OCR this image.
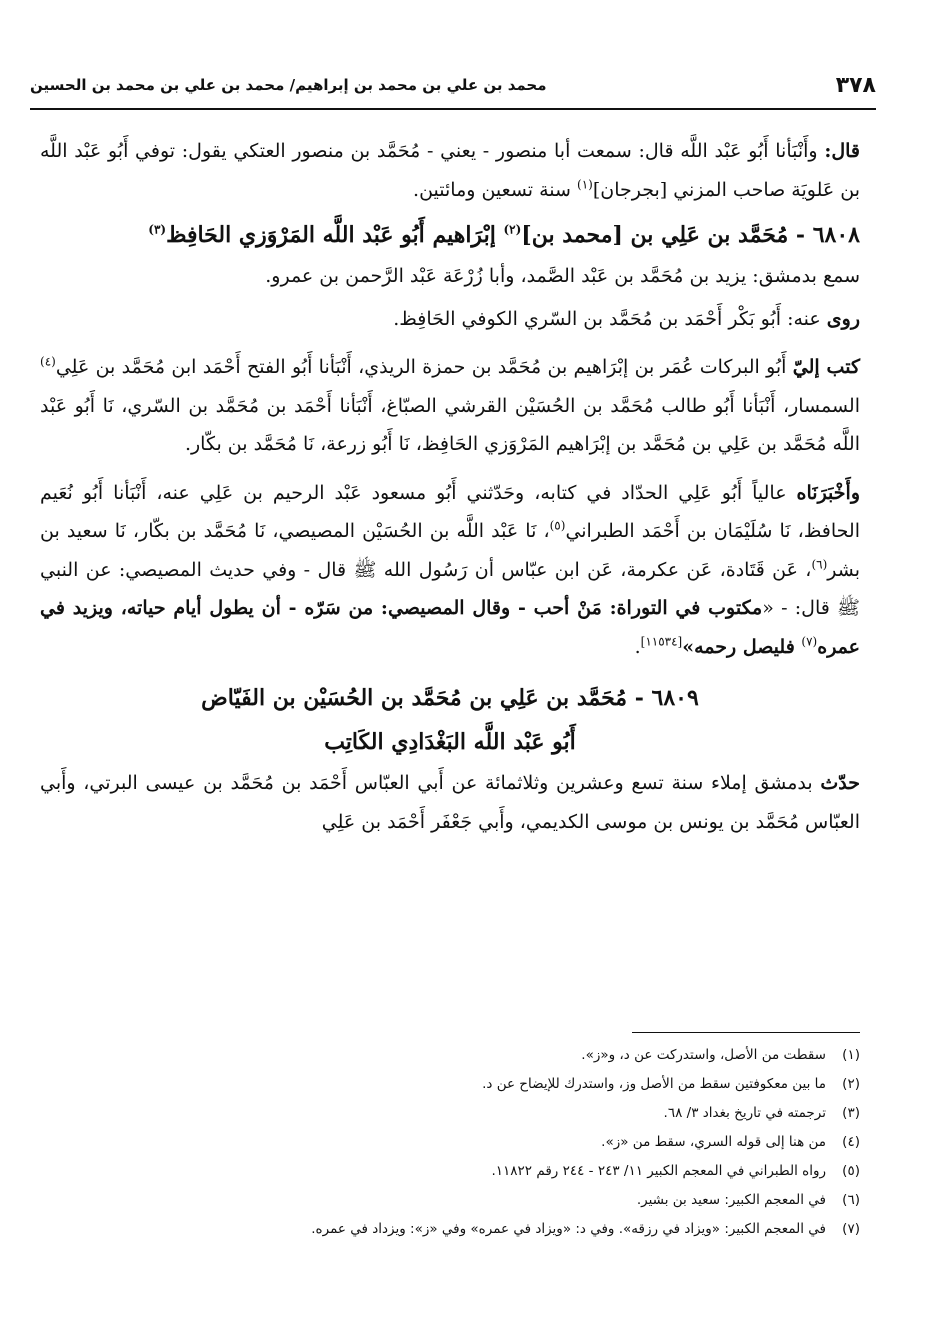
٣٧٨
محمد بن علي بن محمد بن إبراهيم/ محمد بن علي بن محمد بن الحسين

قال: وأَنْبَأنا أَبُو عَبْد اللَّه قال: سمعت أبا منصور - يعني - مُحَمَّد بن منصور العتكي يقول: توفي أَبُو عَبْد اللَّه بن عَلويَة صاحب المزني [بجرجان]$^{(١)}$ سنة تسعين ومائتين.

٦٨٠٨ - مُحَمَّد بن عَلِي بن [محمد بن]$^{(٢)}$ إبْرَاهيم أَبُو عَبْد اللَّه المَرْوَزي الحَافِظ$^{(٣)}$

سمع بدمشق: يزيد بن مُحَمَّد بن عَبْد الصَّمد، وأبا زُرْعَة عَبْد الرَّحمن بن عمرو.

روى عنه: أَبُو بَكْر أَحْمَد بن مُحَمَّد بن السّري الكوفي الحَافِظ.

كتب إليّ أَبُو البركات عُمَر بن إبْرَاهيم بن مُحَمَّد بن حمزة الريذي، أَنْبَأنا أَبُو الفتح أَحْمَد ابن مُحَمَّد بن عَلِي$^{(٤)}$ السمسار، أَنْبَأنا أَبُو طالب مُحَمَّد بن الحُسَيْن القرشي الصبّاغ، أَنْبَأنا أَحْمَد بن مُحَمَّد بن السّري، نَا أَبُو عَبْد اللَّه مُحَمَّد بن عَلِي بن مُحَمَّد بن إبْرَاهيم المَرْوَزي الحَافِظ، نَا أَبُو زرعة، نَا مُحَمَّد بن بكّار.

وأَخْبَرَنَاه عالياً أَبُو عَلِي الحدّاد في كتابه، وحَدّثني أَبُو مسعود عَبْد الرحيم بن عَلِي عنه، أَنْبَأنا أَبُو نُعَيم الحافظ، نَا سُلَيْمَان بن أَحْمَد الطبراني$^{(٥)}$، نَا عَبْد اللَّه بن الحُسَيْن المصيصي، نَا مُحَمَّد بن بكّار، نَا سعيد بن بشر$^{(٦)}$، عَن قَتَادة، عَن عكرمة، عَن ابن عبّاس أن رَسُول الله ﷺ قال - وفي حديث المصيصي: عن النبي ﷺ قال: - «مكتوب في التوراة: مَنْ أحب - وقال المصيصي: من سَرّه - أن يطول أيام حياته، ويزيد في عمره$^{(٧)}$ فليصل رحمه»[١١٥٣٤].

٦٨٠٩ - مُحَمَّد بن عَلِي بن مُحَمَّد بن الحُسَيْن بن الفَيّاض

أَبُو عَبْد اللَّه البَغْدَادِي الكَاتِب

حدّث بدمشق إملاء سنة تسع وعشرين وثلاثمائة عن أَبي العبّاس أَحْمَد بن مُحَمَّد بن عيسى البرتي، وأَبي العبّاس مُحَمَّد بن يونس بن موسى الكديمي، وأَبي جَعْفَر أَحْمَد بن عَلِي

(١)
سقطت من الأصل، واستدركت عن د، و«ز».
(٢)
ما بين معكوفتين سقط من الأصل وز، واستدرك للإيضاح عن د.
(٣)
ترجمته في تاريخ بغداد ٣/ ٦٨.
(٤)
من هنا إلى قوله السري، سقط من «ز».
(٥)
رواه الطبراني في المعجم الكبير ١١/ ٢٤٣ - ٢٤٤ رقم ١١٨٢٢.
(٦)
في المعجم الكبير: سعيد بن بشير.
(٧)
في المعجم الكبير: «ويزاد في رزقه». وفي د: «ويزاد في عمره» وفي «ز»: ويزداد في عمره.
